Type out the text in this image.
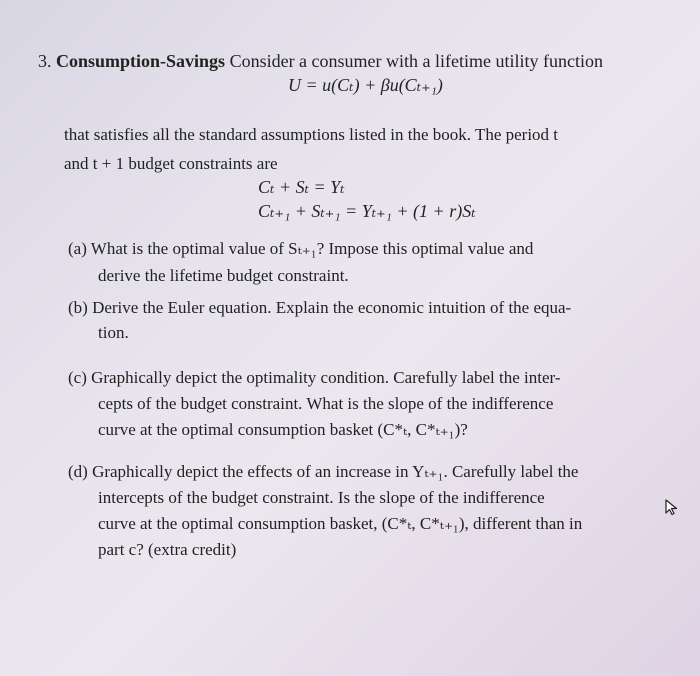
3. Consumption-Savings Consider a consumer with a lifetime utility function
U = u(Cₜ) + βu(Cₜ₊₁)
that satisfies all the standard assumptions listed in the book. The period t
and t + 1 budget constraints are
Cₜ + Sₜ = Yₜ
Cₜ₊₁ + Sₜ₊₁ = Yₜ₊₁ + (1 + r)Sₜ
(a) What is the optimal value of Sₜ₊₁? Impose this optimal value and
derive the lifetime budget constraint.
(b) Derive the Euler equation. Explain the economic intuition of the equa-
tion.
(c) Graphically depict the optimality condition. Carefully label the inter-
cepts of the budget constraint. What is the slope of the indifference
curve at the optimal consumption basket (C*ₜ, C*ₜ₊₁)?
(d) Graphically depict the effects of an increase in Yₜ₊₁. Carefully label the
intercepts of the budget constraint. Is the slope of the indifference
curve at the optimal consumption basket, (C*ₜ, C*ₜ₊₁), different than in
part c? (extra credit)
